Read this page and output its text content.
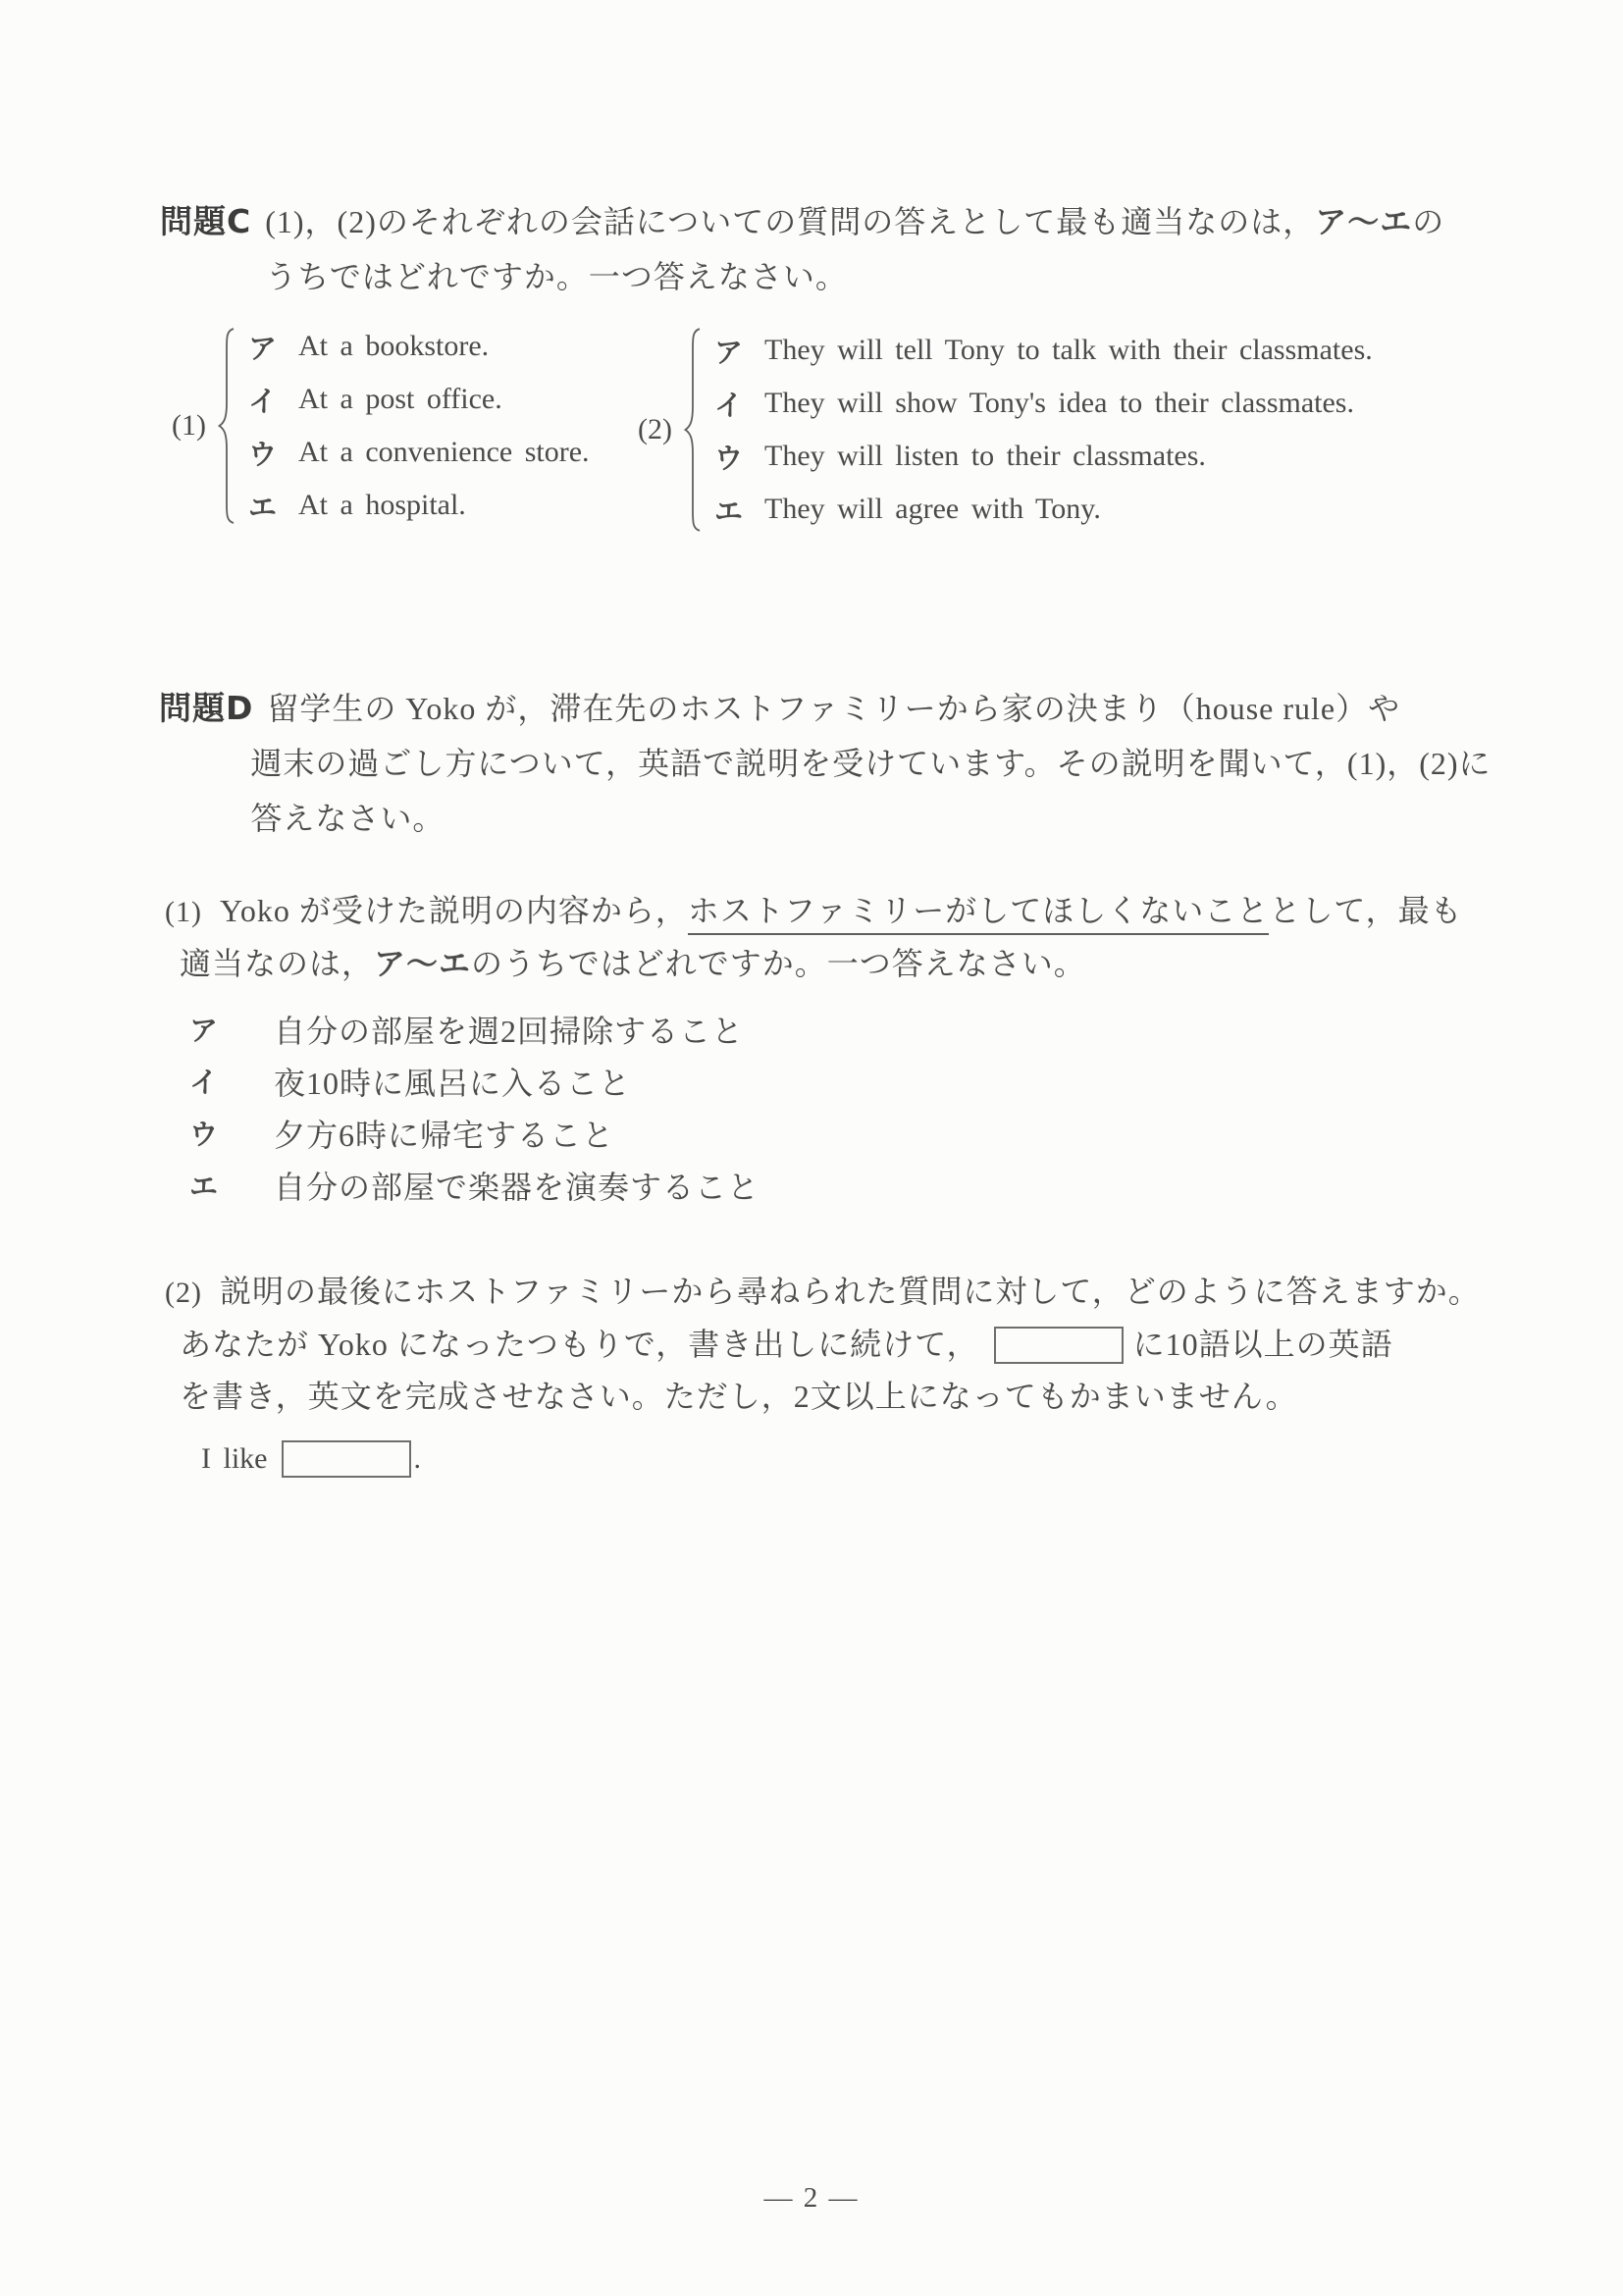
問題C (1)，(2)のそれぞれの会話についての質問の答えとして最も適当なのは，ア～エの
うちではどれですか。一つ答えなさい。
(1)
ア At a bookstore.
イ At a post office.
ウ At a convenience store.
エ At a hospital.
(2)
ア They will tell Tony to talk with their classmates.
イ They will show Tony's idea to their classmates.
ウ They will listen to their classmates.
エ They will agree with Tony.
問題D 留学生の Yoko が，滞在先のホストファミリーから家の決まり（house rule）や
週末の過ごし方について，英語で説明を受けています。その説明を聞いて，(1)，(2)に
答えなさい。
(1) Yoko が受けた説明の内容から，ホストファミリーがしてほしくないこととして，最も
適当なのは，ア～エのうちではどれですか。一つ答えなさい。
ア 自分の部屋を週2回掃除すること
イ 夜10時に風呂に入ること
ウ 夕方6時に帰宅すること
エ 自分の部屋で楽器を演奏すること
(2) 説明の最後にホストファミリーから尋ねられた質問に対して，どのように答えますか。
あなたが Yoko になったつもりで，書き出しに続けて，	に10語以上の英語
を書き，英文を完成させなさい。ただし，2文以上になってもかまいません。
I like	.
— 2 —
